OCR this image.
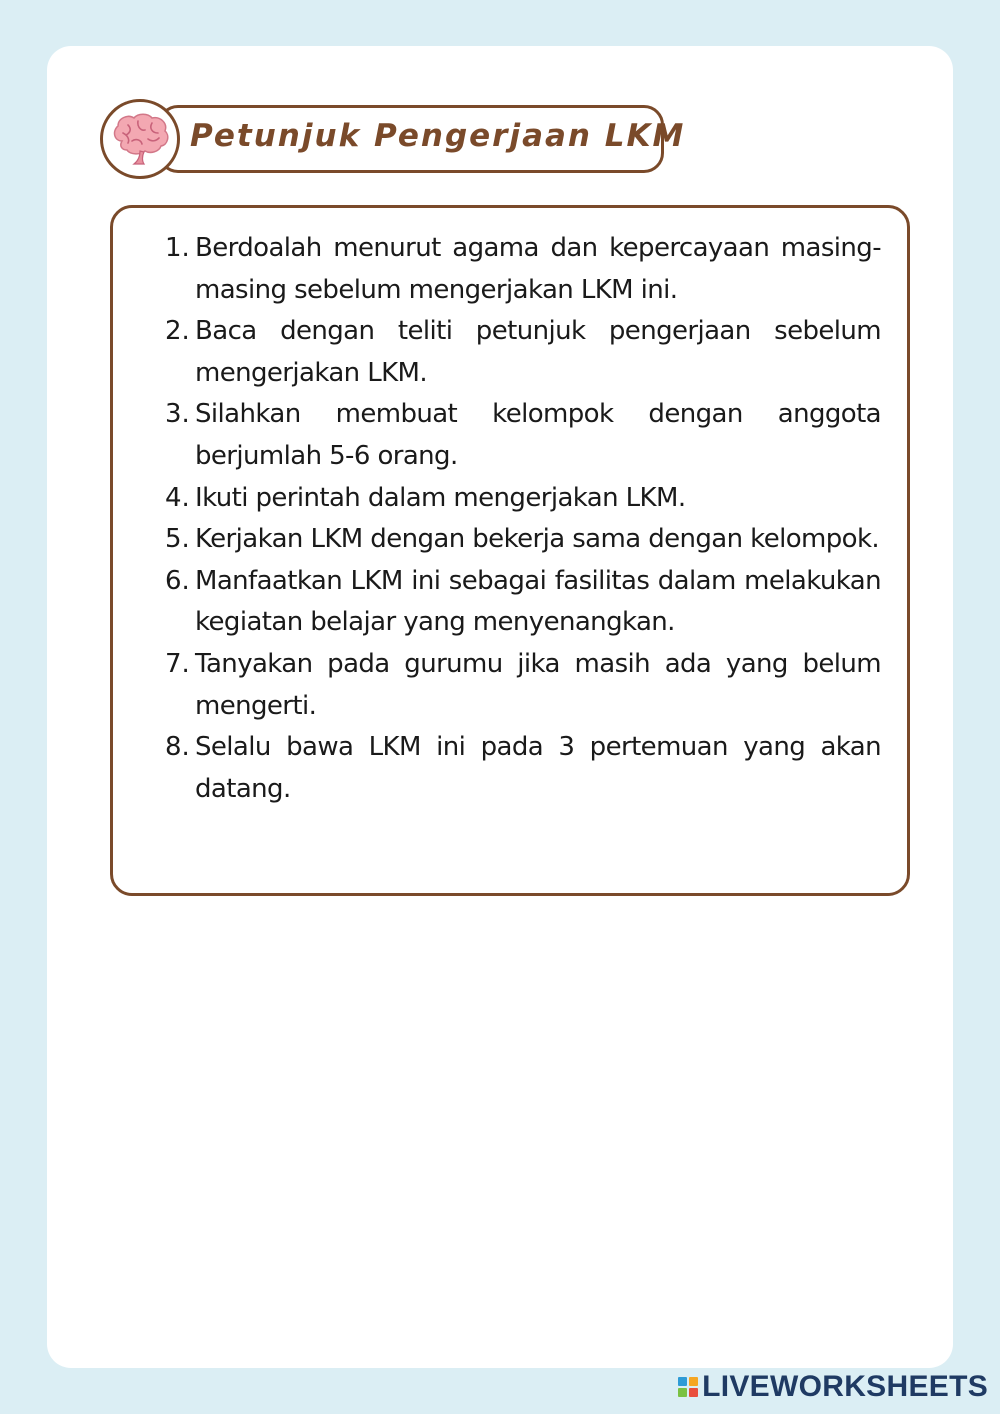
Petunjuk Pengerjaan LKM
1. Berdoalah menurut agama dan kepercayaan masing-masing sebelum mengerjakan LKM ini.
2. Baca dengan teliti petunjuk pengerjaan sebelum mengerjakan LKM.
3. Silahkan membuat kelompok dengan anggota berjumlah 5-6 orang.
4. Ikuti perintah dalam mengerjakan LKM.
5. Kerjakan LKM dengan bekerja sama dengan kelompok.
6. Manfaatkan LKM ini sebagai fasilitas dalam melakukan kegiatan belajar yang menyenangkan.
7. Tanyakan pada gurumu jika masih ada yang belum mengerti.
8. Selalu bawa LKM ini pada 3 pertemuan yang akan datang.
LIVEWORKSHEETS
